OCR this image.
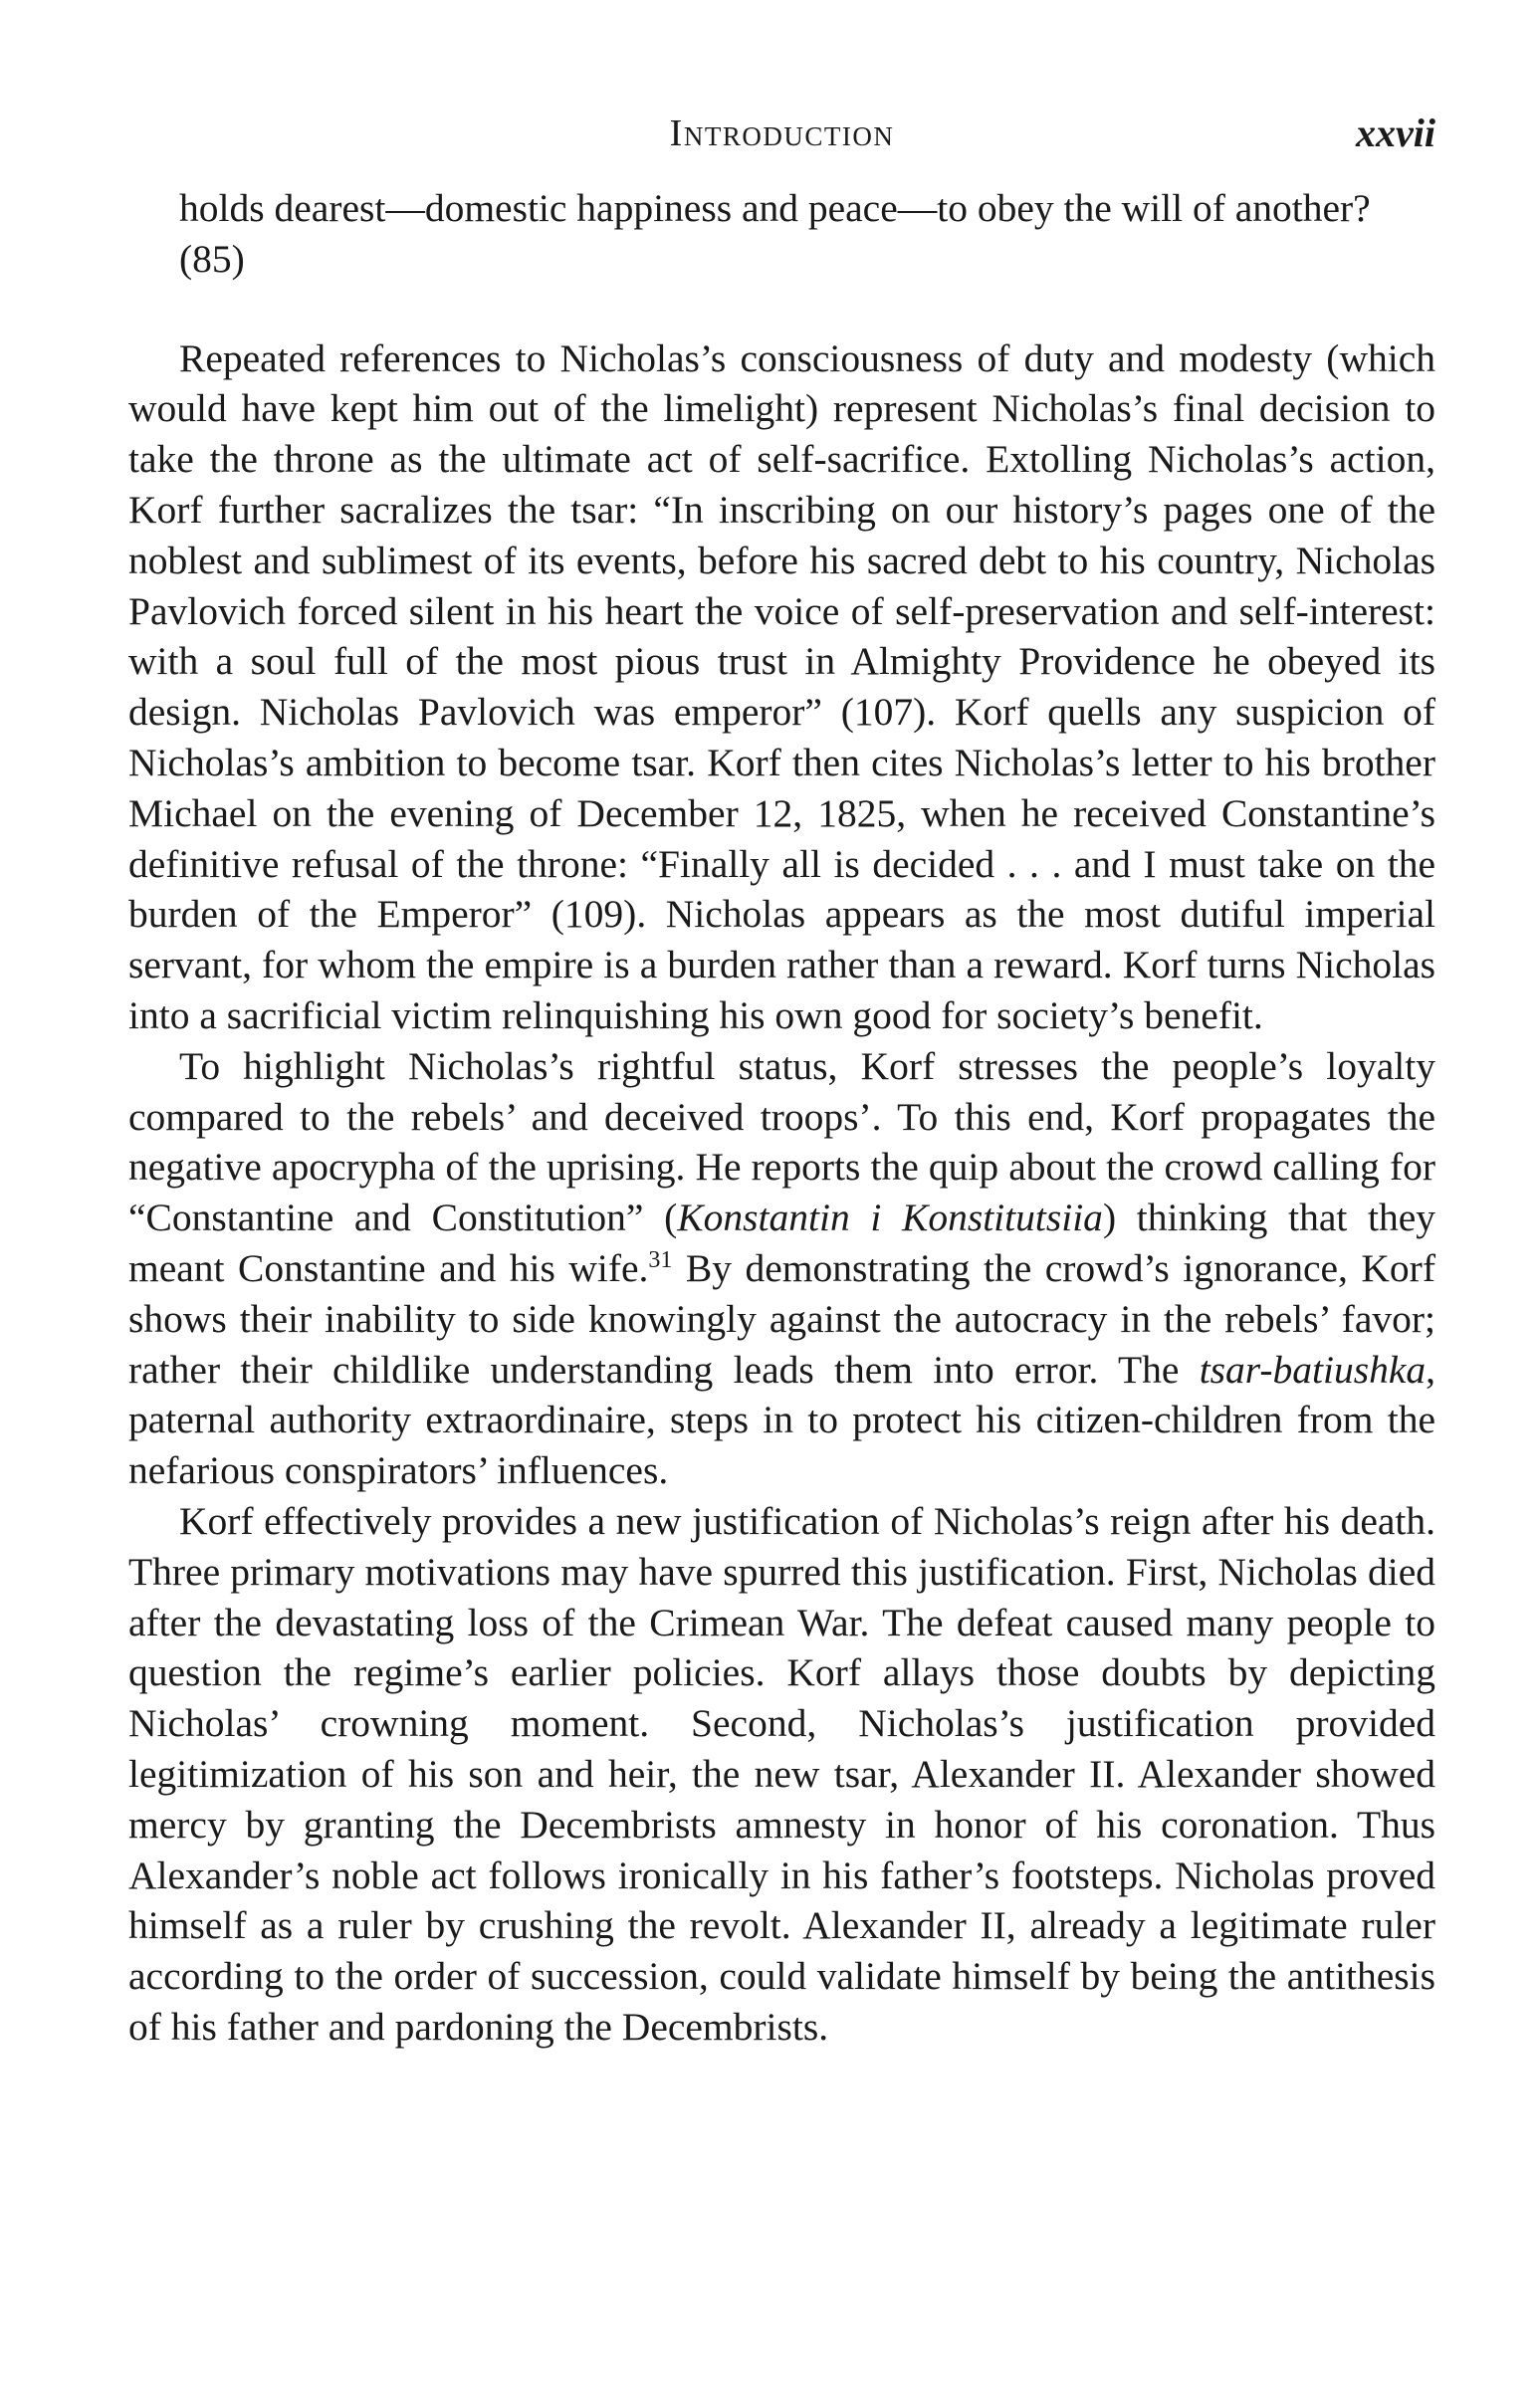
Introduction	xxvii

holds dearest—domestic happiness and peace—to obey the will of another? (85)

Repeated references to Nicholas’s consciousness of duty and modesty (which would have kept him out of the limelight) represent Nicholas’s final decision to take the throne as the ultimate act of self-sacrifice. Extolling Nicholas’s action, Korf further sacralizes the tsar: “In inscribing on our history’s pages one of the noblest and sublimest of its events, before his sacred debt to his country, Nicholas Pavlovich forced silent in his heart the voice of self-preservation and self-interest: with a soul full of the most pious trust in Almighty Providence he obeyed its design. Nicholas Pavlovich was emperor” (107). Korf quells any suspicion of Nicholas’s ambition to become tsar. Korf then cites Nicholas’s letter to his brother Michael on the evening of December 12, 1825, when he received Constantine’s definitive refusal of the throne: “Finally all is decided . . . and I must take on the burden of the Emperor” (109). Nicholas appears as the most dutiful imperial servant, for whom the empire is a burden rather than a reward. Korf turns Nicholas into a sacrificial victim relinquishing his own good for society’s benefit.

To highlight Nicholas’s rightful status, Korf stresses the people’s loyalty compared to the rebels’ and deceived troops’. To this end, Korf propagates the negative apocrypha of the uprising. He reports the quip about the crowd calling for “Constantine and Constitution” (Konstantin i Konstitutsiia) thinking that they meant Constantine and his wife.$^{31}$ By demonstrating the crowd’s ignorance, Korf shows their inability to side knowingly against the autocracy in the rebels’ favor; rather their childlike understanding leads them into error. The tsar-batiushka, paternal authority extraordinaire, steps in to protect his citizen-children from the nefarious conspirators’ influences.

Korf effectively provides a new justification of Nicholas’s reign after his death. Three primary motivations may have spurred this justification. First, Nicholas died after the devastating loss of the Crimean War. The defeat caused many people to question the regime’s earlier policies. Korf allays those doubts by depicting Nicholas’ crowning moment. Second, Nicholas’s justification provided legitimization of his son and heir, the new tsar, Alexander II. Alexander showed mercy by granting the Decembrists amnesty in honor of his coronation. Thus Alexander’s noble act follows ironically in his father’s footsteps. Nicholas proved himself as a ruler by crushing the revolt. Alexander II, already a legitimate ruler according to the order of succession, could validate himself by being the antithesis of his father and pardoning the Decembrists.
